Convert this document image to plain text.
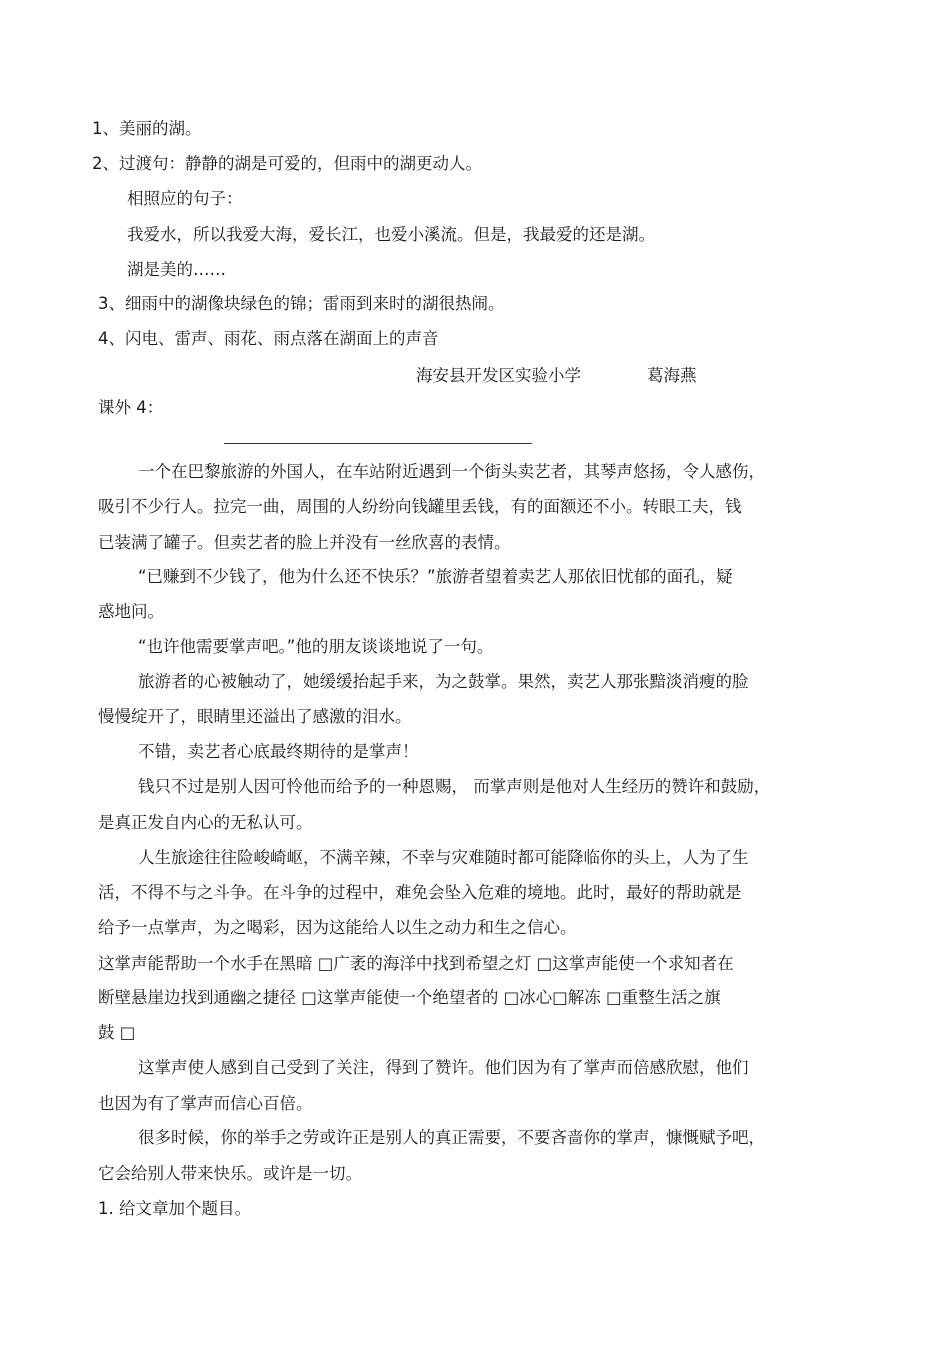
1、美丽的湖。
2、过渡句：静静的湖是可爱的，但雨中的湖更动人。
相照应的句子：
我爱水，所以我爱大海，爱长江，也爱小溪流。但是，我最爱的还是湖。
湖是美的……
3、细雨中的湖像块绿色的锦；雷雨到来时的湖很热闹。
4、闪电、雷声、雨花、雨点落在湖面上的声音
海安县开发区实验小学	葛海燕
课外 4：
一个在巴黎旅游的外国人，在车站附近遇到一个街头卖艺者，其琴声悠扬，令人感伤，
吸引不少行人。拉完一曲，周围的人纷纷向钱罐里丢钱，有的面额还不小。转眼工夫，钱
已装满了罐子。但卖艺者的脸上并没有一丝欣喜的表情。
“已赚到不少钱了，他为什么还不快乐？”旅游者望着卖艺人那依旧忧郁的面孔，疑
惑地问。
“也许他需要掌声吧。”他的朋友谈谈地说了一句。
旅游者的心被触动了，她缓缓抬起手来，为之鼓掌。果然，卖艺人那张黯淡消瘦的脸
慢慢绽开了，眼睛里还溢出了感激的泪水。
不错，卖艺者心底最终期待的是掌声！
钱只不过是别人因可怜他而给予的一种恩赐， 而掌声则是他对人生经历的赞许和鼓励，
是真正发自内心的无私认可。
人生旅途往往险峻崎岖，不满辛辣，不幸与灾难随时都可能降临你的头上，人为了生
活，不得不与之斗争。在斗争的过程中，难免会坠入危难的境地。此时，最好的帮助就是
给予一点掌声，为之喝彩，因为这能给人以生之动力和生之信心。
这掌声能帮助一个水手在黑暗 □广袤的海洋中找到希望之灯 □这掌声能使一个求知者在
断壁悬崖边找到通幽之捷径 □这掌声能使一个绝望者的 □冰心□解冻 □重整生活之旗
鼓 □
这掌声使人感到自己受到了关注，得到了赞许。他们因为有了掌声而倍感欣慰，他们
也因为有了掌声而信心百倍。
很多时候，你的举手之劳或许正是别人的真正需要，不要吝啬你的掌声，慷慨赋予吧，
它会给别人带来快乐。或许是一切。
1. 给文章加个题目。
